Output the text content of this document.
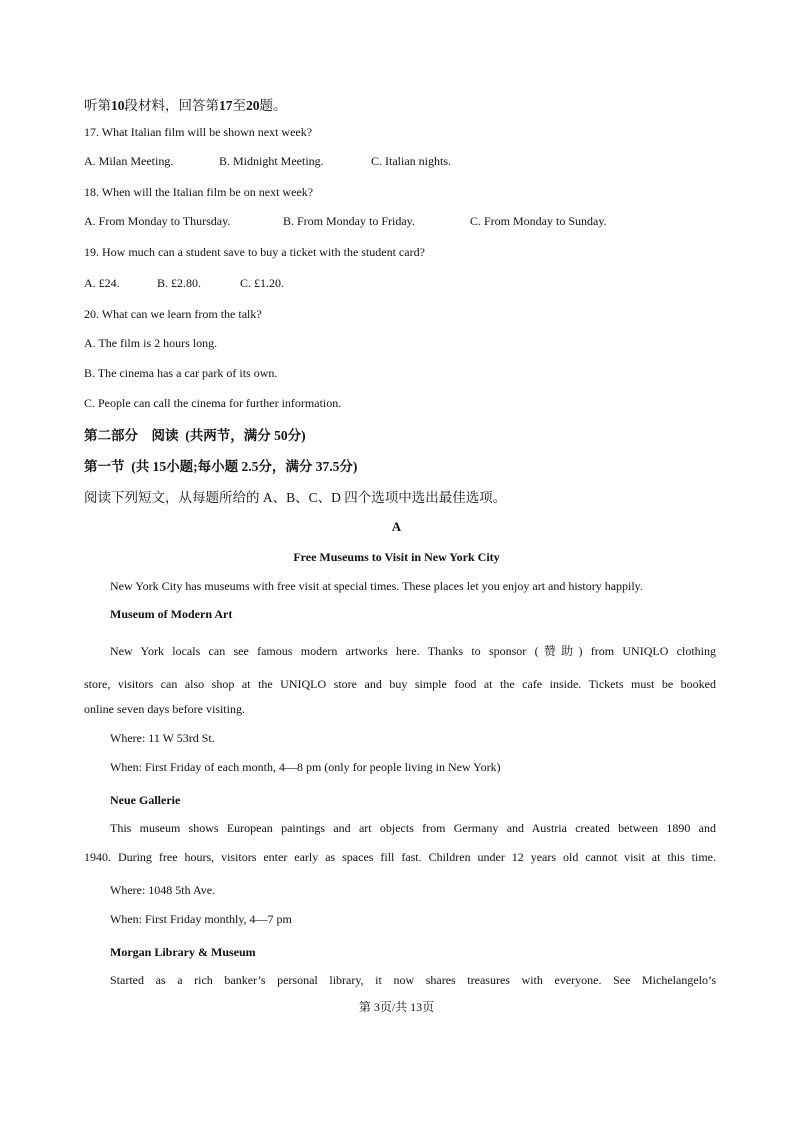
听第10段材料，回答第17至20题。
17. What Italian film will be shown next week?
A. Milan Meeting.	B. Midnight Meeting.	C. Italian nights.
18. When will the Italian film be on next week?
A. From Monday to Thursday.	B. From Monday to Friday.	C. From Monday to Sunday.
19. How much can a student save to buy a ticket with the student card?
A. £24.	B. £2.80.	C. £1.20.
20. What can we learn from the talk?
A. The film is 2 hours long.
B. The cinema has a car park of its own.
C. People can call the cinema for further information.
第二部分    阅读  (共两节，满分 50分)
第一节  (共 15小题;每小题 2.5分，满分 37.5分)
阅读下列短文，从每题所给的 A、B、C、D 四个选项中选出最佳选项。
A
Free Museums to Visit in New York City
New York City has museums with free visit at special times. These places let you enjoy art and history happily.
Museum of Modern Art
New York locals can see famous modern artworks here. Thanks to sponsor (赞助) from UNIQLO clothing
store, visitors can also shop at the UNIQLO store and buy simple food at the cafe inside. Tickets must be booked
online seven days before visiting.
Where: 11 W 53rd St.
When: First Friday of each month, 4—8 pm (only for people living in New York)
Neue Gallerie
This museum shows European paintings and art objects from Germany and Austria created between 1890 and
1940. During free hours, visitors enter early as spaces fill fast. Children under 12 years old cannot visit at this time.
Where: 1048 5th Ave.
When: First Friday monthly, 4—7 pm
Morgan Library & Museum
Started as a rich banker’s personal library, it now shares treasures with everyone. See Michelangelo’s
第 3页/共 13页
